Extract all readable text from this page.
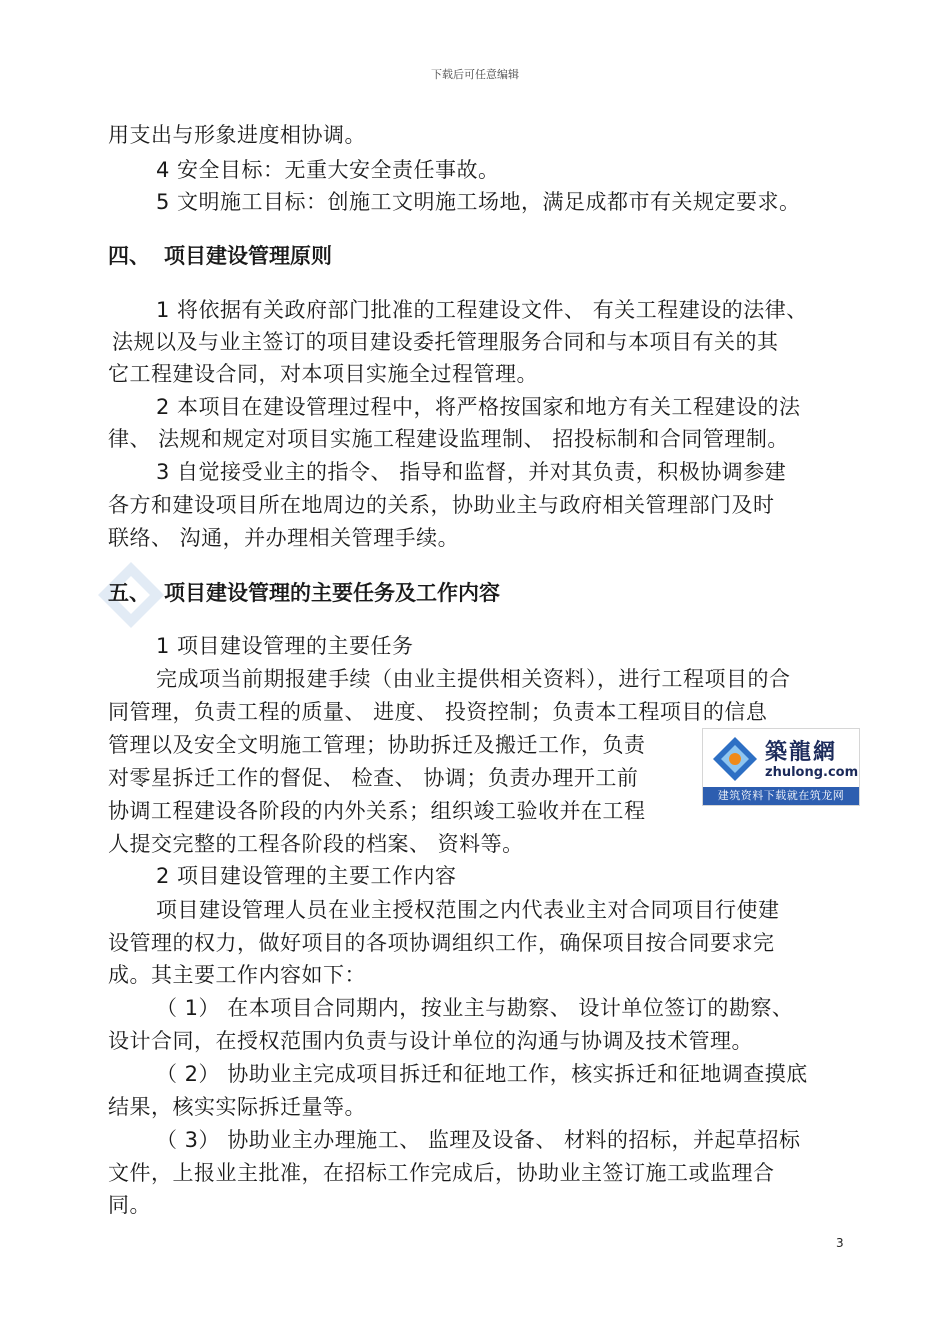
下载后可任意编辑
用支出与形象进度相协调。
4 安全目标：无重大安全责任事故。
5 文明施工目标：创施工文明施工场地，满足成都市有关规定要求。
四、 项目建设管理原则
1 将依据有关政府部门批准的工程建设文件、 有关工程建设的法律、
法规以及与业主签订的项目建设委托管理服务合同和与本项目有关的其
它工程建设合同，对本项目实施全过程管理。
2 本项目在建设管理过程中，将严格按国家和地方有关工程建设的法
律、 法规和规定对项目实施工程建设监理制、 招投标制和合同管理制。
3 自觉接受业主的指令、 指导和监督，并对其负责，积极协调参建
各方和建设项目所在地周边的关系，协助业主与政府相关管理部门及时
联络、 沟通，并办理相关管理手续。
五、 项目建设管理的主要任务及工作内容
1 项目建设管理的主要任务
完成项当前期报建手续（由业主提供相关资料），进行工程项目的合
同管理，负责工程的质量、 进度、 投资控制；负责本工程项目的信息
管理以及安全文明施工管理；协助拆迁及搬迁工作，负责
对零星拆迁工作的督促、 检查、 协调；负责办理开工前
协调工程建设各阶段的内外关系；组织竣工验收并在工程
人提交完整的工程各阶段的档案、 资料等。
築龍網
zhulong.com
建筑资料下载就在筑龙网
2 项目建设管理的主要工作内容
项目建设管理人员在业主授权范围之内代表业主对合同项目行使建
设管理的权力，做好项目的各项协调组织工作，确保项目按合同要求完
成。其主要工作内容如下：
（ 1） 在本项目合同期内，按业主与勘察、 设计单位签订的勘察、
设计合同，在授权范围内负责与设计单位的沟通与协调及技术管理。
（ 2） 协助业主完成项目拆迁和征地工作，核实拆迁和征地调查摸底
结果，核实实际拆迁量等。
（ 3） 协助业主办理施工、 监理及设备、 材料的招标，并起草招标
文件，上报业主批准，在招标工作完成后，协助业主签订施工或监理合
同。
3
